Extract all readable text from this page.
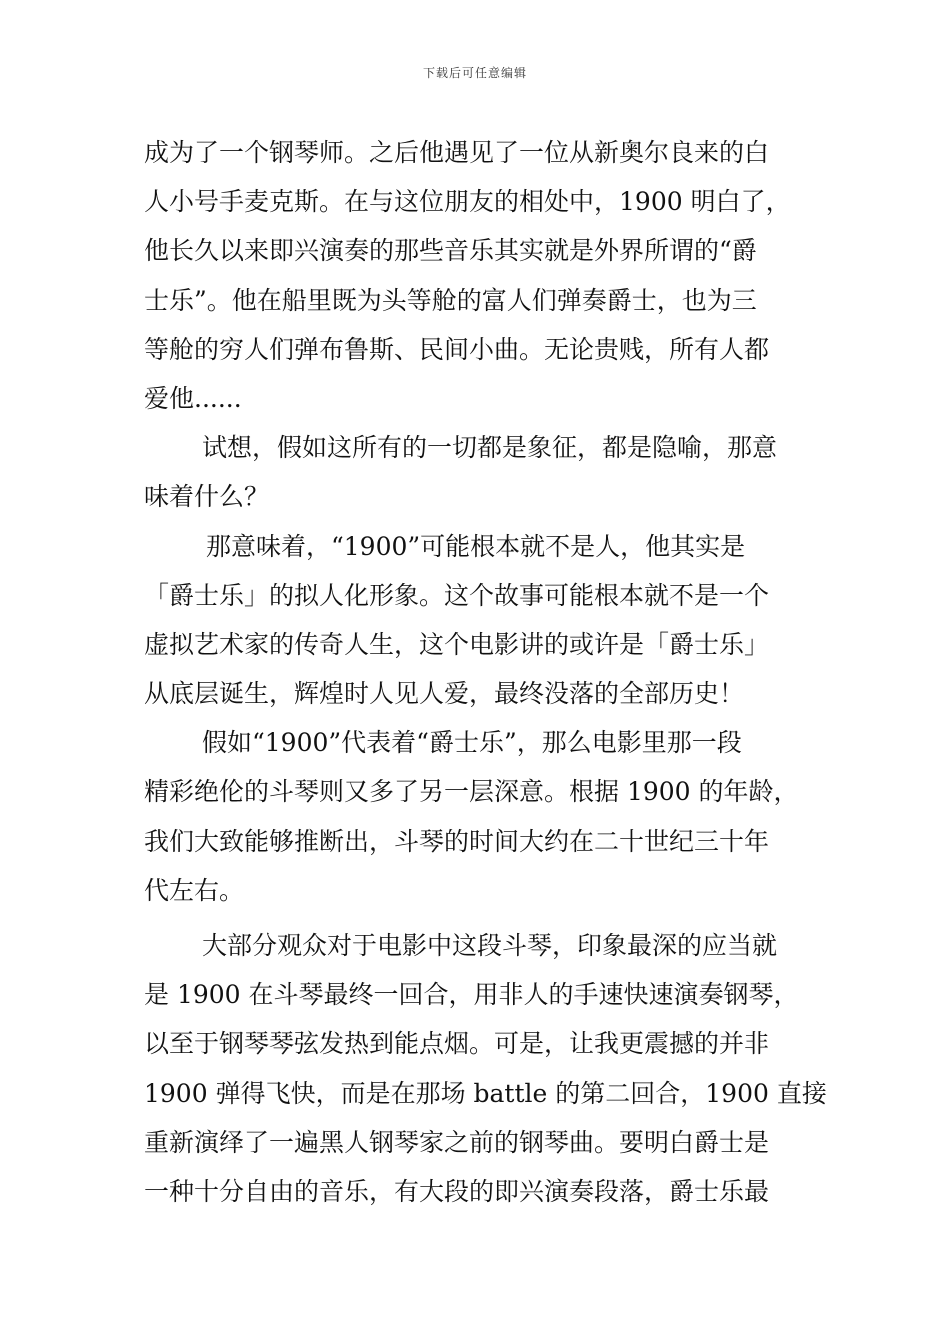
下载后可任意编辑
成为了一个钢琴师。之后他遇见了一位从新奥尔良来的白
人小号手麦克斯。在与这位朋友的相处中，1900 明白了，
他长久以来即兴演奏的那些音乐其实就是外界所谓的“爵
士乐”。他在船里既为头等舱的富人们弹奏爵士，也为三
等舱的穷人们弹布鲁斯、民间小曲。无论贵贱，所有人都
爱他......
试想，假如这所有的一切都是象征，都是隐喻，那意
味着什么？
那意味着，“1900”可能根本就不是人，他其实是
「爵士乐」的拟人化形象。这个故事可能根本就不是一个
虚拟艺术家的传奇人生，这个电影讲的或许是「爵士乐」
从底层诞生，辉煌时人见人爱，最终没落的全部历史！
假如“1900”代表着“爵士乐”，那么电影里那一段
精彩绝伦的斗琴则又多了另一层深意。根据 1900 的年龄，
我们大致能够推断出，斗琴的时间大约在二十世纪三十年
代左右。
大部分观众对于电影中这段斗琴，印象最深的应当就
是 1900 在斗琴最终一回合，用非人的手速快速演奏钢琴，
以至于钢琴琴弦发热到能点烟。可是，让我更震撼的并非
1900 弹得飞快，而是在那场 battle 的第二回合，1900 直接
重新演绎了一遍黑人钢琴家之前的钢琴曲。要明白爵士是
一种十分自由的音乐，有大段的即兴演奏段落，爵士乐最
